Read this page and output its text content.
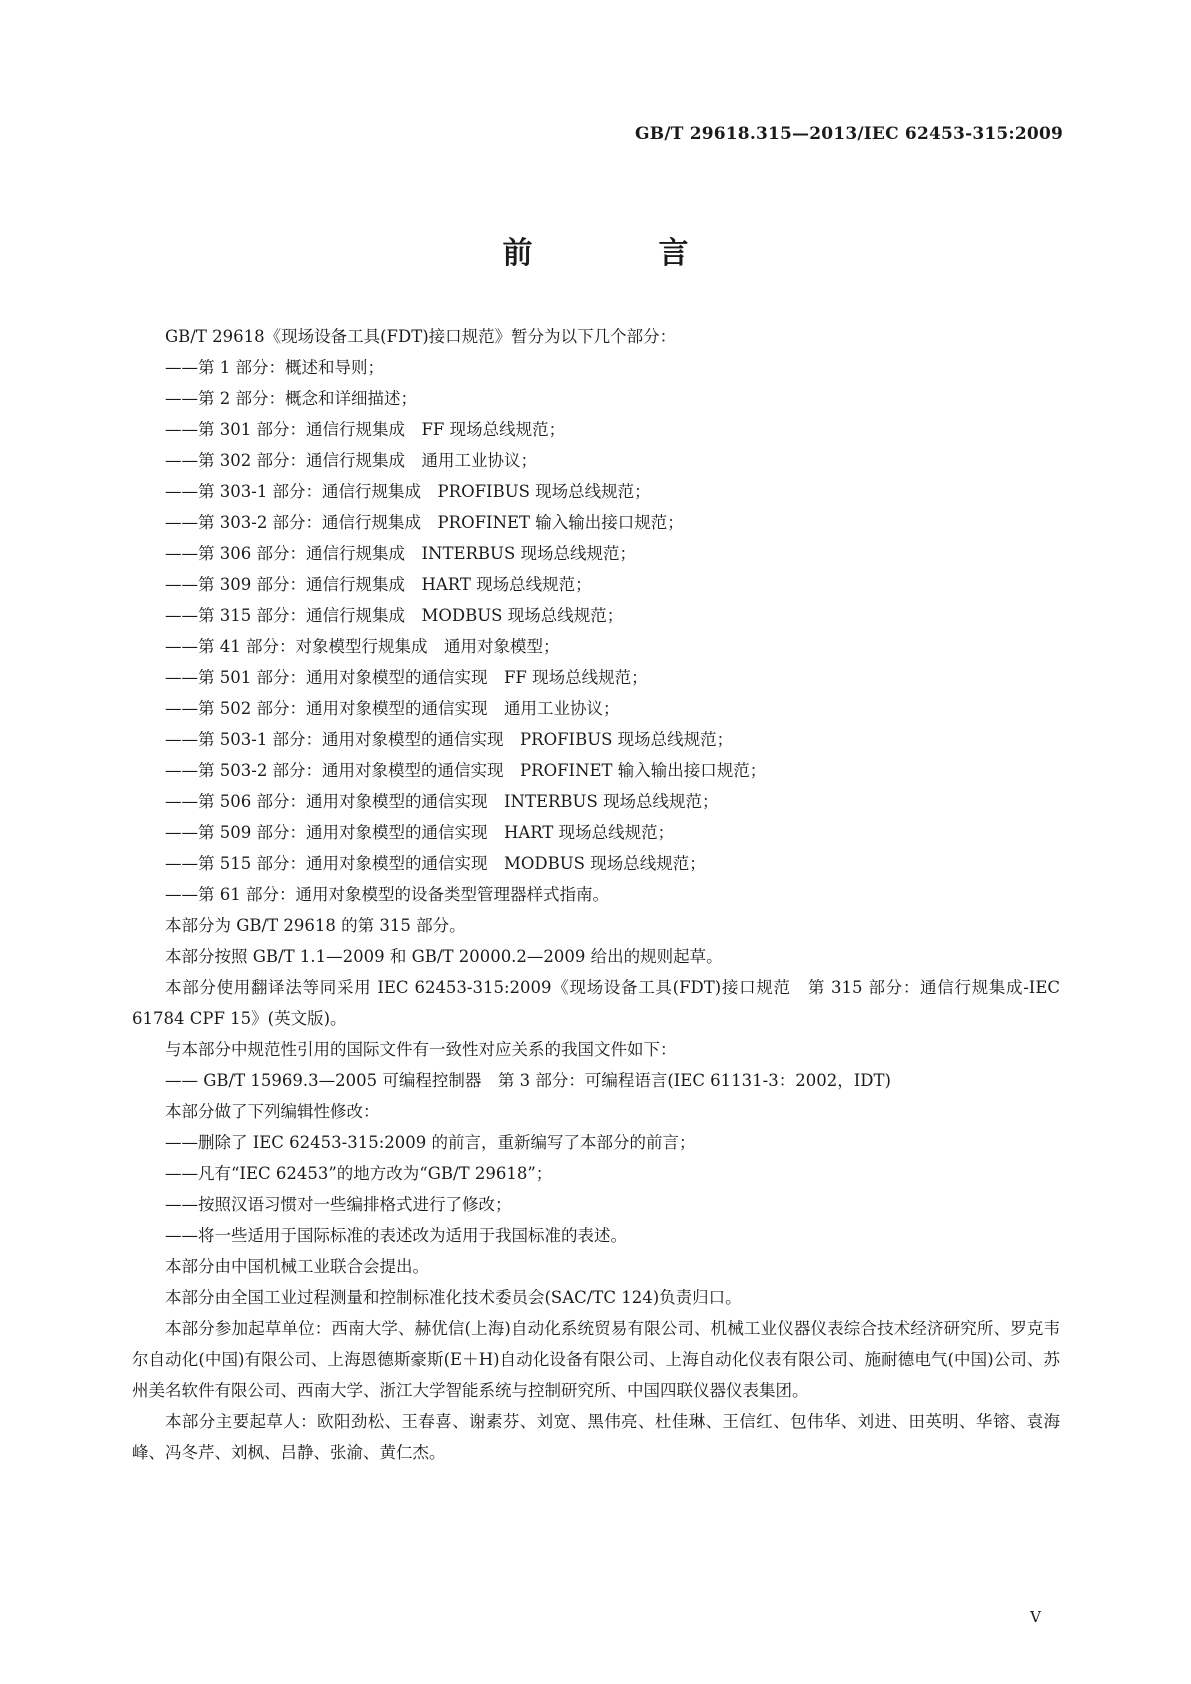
GB/T 29618.315—2013/IEC 62453-315:2009
前　言

GB/T 29618《现场设备工具(FDT)接口规范》暂分为以下几个部分：

——第 1 部分：概述和导则；

——第 2 部分：概念和详细描述；

——第 301 部分：通信行规集成　FF 现场总线规范；

——第 302 部分：通信行规集成　通用工业协议；

——第 303-1 部分：通信行规集成　PROFIBUS 现场总线规范；

——第 303-2 部分：通信行规集成　PROFINET 输入输出接口规范；

——第 306 部分：通信行规集成　INTERBUS 现场总线规范；

——第 309 部分：通信行规集成　HART 现场总线规范；

——第 315 部分：通信行规集成　MODBUS 现场总线规范；

——第 41 部分：对象模型行规集成　通用对象模型；

——第 501 部分：通用对象模型的通信实现　FF 现场总线规范；

——第 502 部分：通用对象模型的通信实现　通用工业协议；

——第 503-1 部分：通用对象模型的通信实现　PROFIBUS 现场总线规范；

——第 503-2 部分：通用对象模型的通信实现　PROFINET 输入输出接口规范；

——第 506 部分：通用对象模型的通信实现　INTERBUS 现场总线规范；

——第 509 部分：通用对象模型的通信实现　HART 现场总线规范；

——第 515 部分：通用对象模型的通信实现　MODBUS 现场总线规范；

——第 61 部分：通用对象模型的设备类型管理器样式指南。

本部分为 GB/T 29618 的第 315 部分。

本部分按照 GB/T 1.1—2009 和 GB/T 20000.2—2009 给出的规则起草。

本部分使用翻译法等同采用 IEC 62453-315:2009《现场设备工具(FDT)接口规范　第 315 部分：通信行规集成-IEC 61784 CPF 15》(英文版)。

与本部分中规范性引用的国际文件有一致性对应关系的我国文件如下：

—— GB/T 15969.3—2005 可编程控制器　第 3 部分：可编程语言(IEC 61131-3：2002，IDT)

本部分做了下列编辑性修改：

——删除了 IEC 62453-315:2009 的前言，重新编写了本部分的前言；

——凡有“IEC 62453”的地方改为“GB/T 29618”；

——按照汉语习惯对一些编排格式进行了修改；

——将一些适用于国际标准的表述改为适用于我国标准的表述。

本部分由中国机械工业联合会提出。

本部分由全国工业过程测量和控制标准化技术委员会(SAC/TC 124)负责归口。

本部分参加起草单位：西南大学、赫优信(上海)自动化系统贸易有限公司、机械工业仪器仪表综合技术经济研究所、罗克韦尔自动化(中国)有限公司、上海恩德斯豪斯(E＋H)自动化设备有限公司、上海自动化仪表有限公司、施耐德电气(中国)公司、苏州美名软件有限公司、西南大学、浙江大学智能系统与控制研究所、中国四联仪器仪表集团。

本部分主要起草人：欧阳劲松、王春喜、谢素芬、刘宽、黑伟亮、杜佳琳、王信红、包伟华、刘进、田英明、华镕、袁海峰、冯冬芹、刘枫、吕静、张渝、黄仁杰。

V
